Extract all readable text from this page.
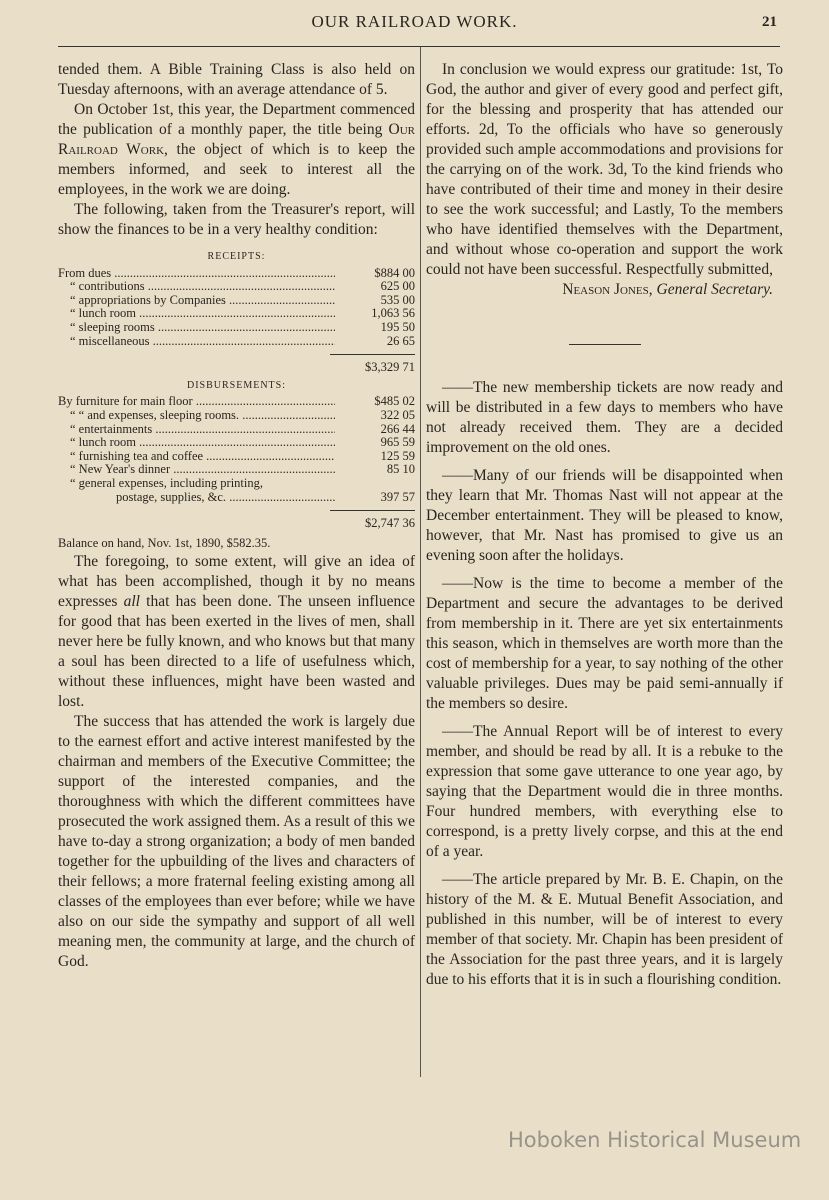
OUR RAILROAD WORK.	21

tended them. A Bible Training Class is also held on Tuesday afternoons, with an average attendance of 5.

On October 1st, this year, the Department commenced the publication of a monthly paper, the title being Our Railroad Work, the object of which is to keep the members informed, and seek to interest all the employees, in the work we are doing.

The following, taken from the Treasurer's report, will show the finances to be in a very healthy condition:

RECEIPTS:
From dues .....	$884 00
“ contributions .....	625 00
“ appropriations by Companies .....	535 00
“ lunch room .....	1,063 56
“ sleeping rooms .....	195 50
“ miscellaneous .....	26 65
$3,329 71
DISBURSEMENTS:
By furniture for main floor .....	$485 02
“ “ and expenses, sleeping rooms. .....	322 05
“ entertainments .....	266 44
“ lunch room .....	965 59
“ furnishing tea and coffee .....	125 59
“ New Year's dinner .....	85 10
“ general expenses, including printing,
postage, supplies, &c. .....	397 57
$2,747 36
Balance on hand, Nov. 1st, 1890, $582.35.

The foregoing, to some extent, will give an idea of what has been accomplished, though it by no means expresses all that has been done. The unseen influence for good that has been exerted in the lives of men, shall never here be fully known, and who knows but that many a soul has been directed to a life of usefulness which, without these influences, might have been wasted and lost.

The success that has attended the work is largely due to the earnest effort and active interest manifested by the chairman and members of the Executive Committee; the support of the interested companies, and the thoroughness with which the different committees have prosecuted the work assigned them. As a result of this we have to-day a strong organization; a body of men banded together for the upbuilding of the lives and characters of their fellows; a more fraternal feeling existing among all classes of the employees than ever before; while we have also on our side the sympathy and support of all well meaning men, the community at large, and the church of God.

In conclusion we would express our gratitude: 1st, To God, the author and giver of every good and perfect gift, for the blessing and prosperity that has attended our efforts. 2d, To the officials who have so generously provided such ample accommodations and provisions for the carrying on of the work. 3d, To the kind friends who have contributed of their time and money in their desire to see the work successful; and Lastly, To the members who have identified themselves with the Department, and without whose co-operation and support the work could not have been successful. Respectfully submitted,

Neason Jones, General Secretary.

——The new membership tickets are now ready and will be distributed in a few days to members who have not already received them. They are a decided improvement on the old ones.

——Many of our friends will be disappointed when they learn that Mr. Thomas Nast will not appear at the December entertainment. They will be pleased to know, however, that Mr. Nast has promised to give us an evening soon after the holidays.

——Now is the time to become a member of the Department and secure the advantages to be derived from membership in it. There are yet six entertainments this season, which in themselves are worth more than the cost of membership for a year, to say nothing of the other valuable privileges. Dues may be paid semi-annually if the members so desire.

——The Annual Report will be of interest to every member, and should be read by all. It is a rebuke to the expression that some gave utterance to one year ago, by saying that the Department would die in three months. Four hundred members, with everything else to correspond, is a pretty lively corpse, and this at the end of a year.

——The article prepared by Mr. B. E. Chapin, on the history of the M. & E. Mutual Benefit Association, and published in this number, will be of interest to every member of that society. Mr. Chapin has been president of the Association for the past three years, and it is largely due to his efforts that it is in such a flourishing condition.

Hoboken Historical Museum
